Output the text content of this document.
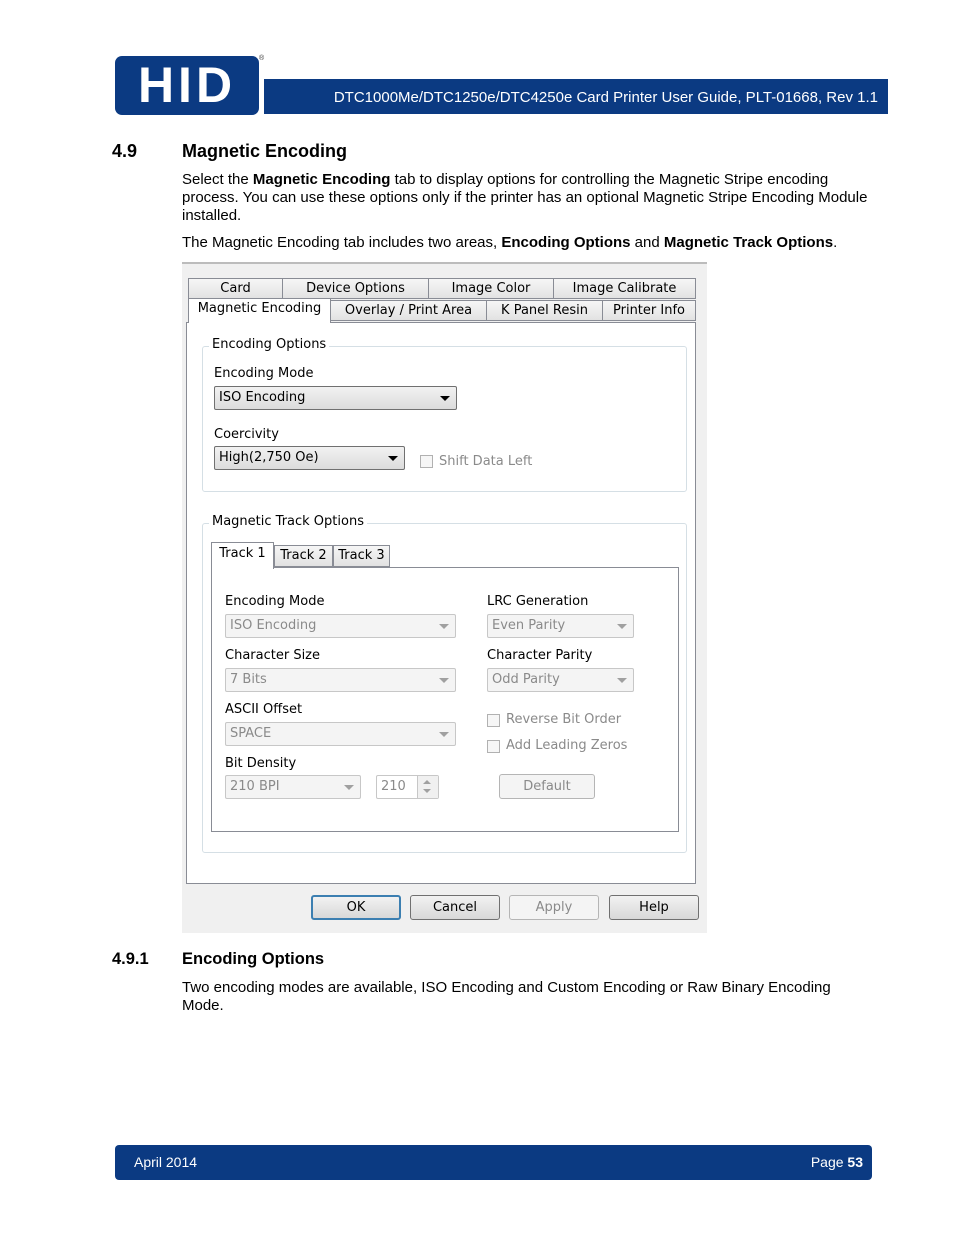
HID	®
DTC1000Me/DTC1250e/DTC4250e Card Printer User Guide, PLT-01668, Rev 1.1
4.9 Magnetic Encoding
Select the Magnetic Encoding tab to display options for controlling the Magnetic Stripe encoding process. You can use these options only if the printer has an optional Magnetic Stripe Encoding Module installed.
The Magnetic Encoding tab includes two areas, Encoding Options and Magnetic Track Options.
Card	Device Options	Image Color	Image Calibrate
Magnetic Encoding	Overlay / Print Area	K Panel Resin	Printer Info
Encoding Options
Encoding Mode
ISO Encoding
Coercivity
High(2,750 Oe)	Shift Data Left
Magnetic Track Options
Track 1	Track 2 Track 3
Encoding Mode
ISO Encoding
Character Size
7 Bits
ASCII Offset
SPACE
Bit Density
210 BPI	210
LRC Generation
Even Parity
Character Parity
Odd Parity
Reverse Bit Order
Add Leading Zeros
Default
OK	Cancel	Apply	Help
4.9.1 Encoding Options
Two encoding modes are available, ISO Encoding and Custom Encoding or Raw Binary Encoding Mode.
April 2014	Page 53
